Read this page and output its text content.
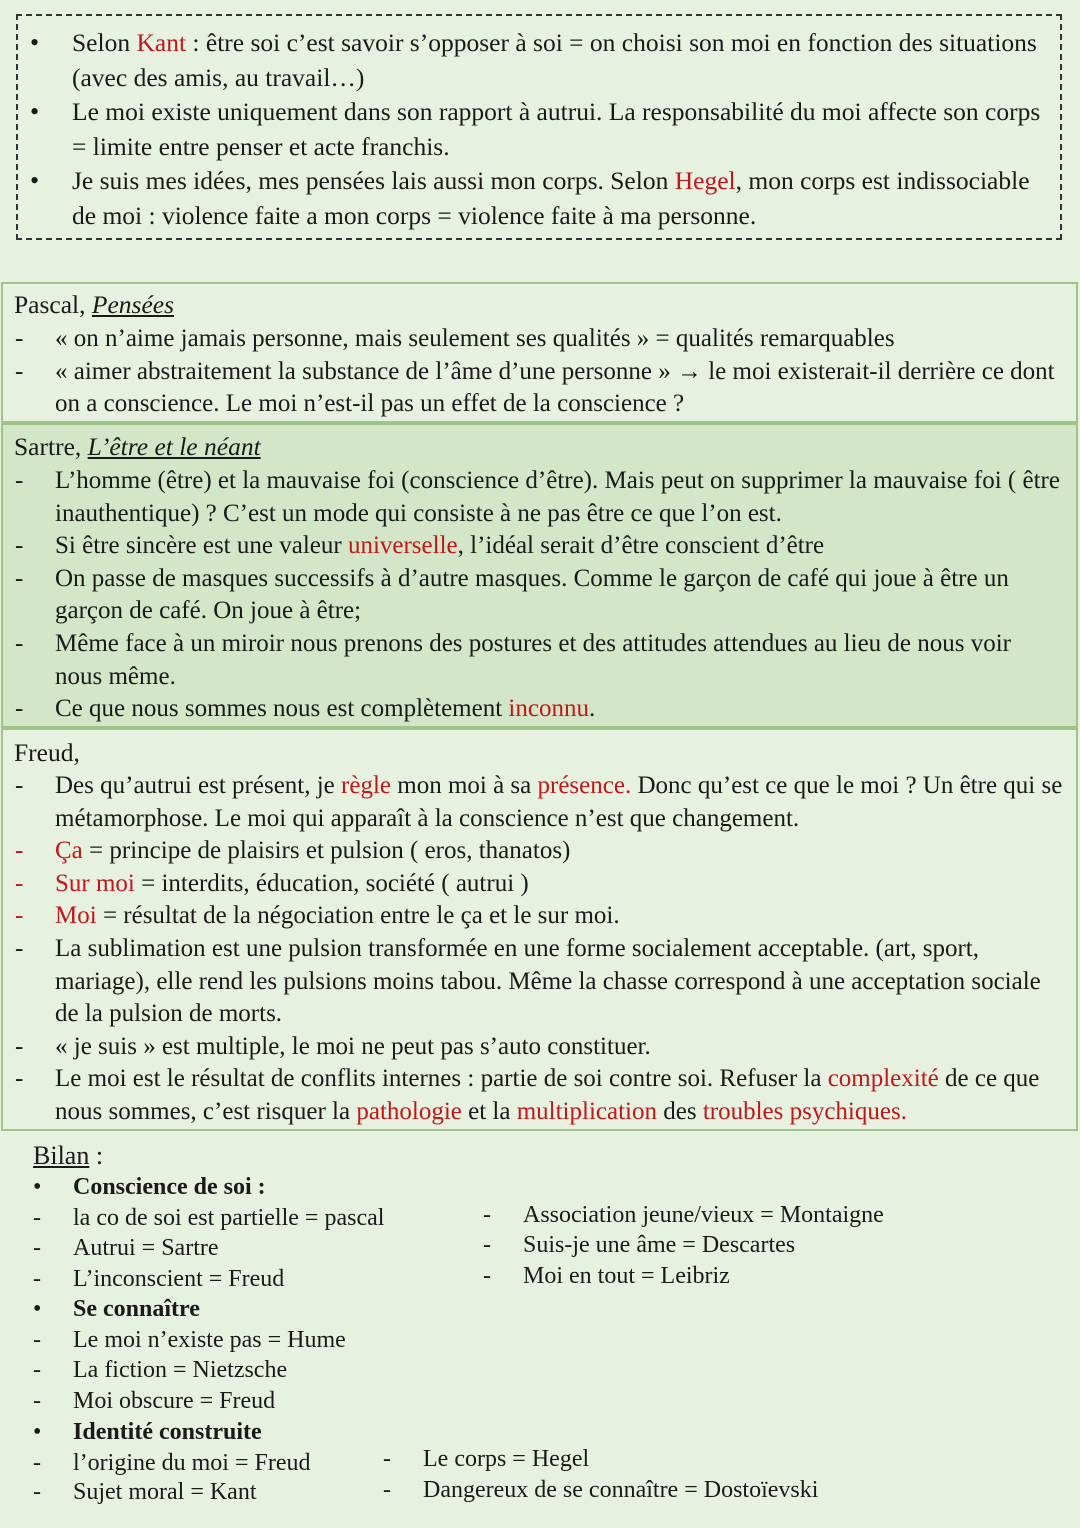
• Selon Kant : être soi c’est savoir s’opposer à soi = on choisi son moi en fonction des situations (avec des amis, au travail…)
• Le moi existe uniquement dans son rapport à autrui. La responsabilité du moi affecte son corps = limite entre penser et acte franchis.
• Je suis mes idées, mes pensées lais aussi mon corps. Selon Hegel, mon corps est indissociable de moi : violence faite a mon corps = violence faite à ma personne.
Pascal, Pensées
- « on n’aime jamais personne, mais seulement ses qualités » = qualités remarquables
- « aimer abstraitement la substance de l’âme d’une personne » → le moi existerait-il derrière ce dont on a conscience. Le moi n’est-il pas un effet de la conscience ?
Sartre, L’être et le néant
- L’homme (être) et la mauvaise foi (conscience d’être). Mais peut on supprimer la mauvaise foi ( être inauthentique) ? C’est un mode qui consiste à ne pas être ce que l’on est.
- Si être sincère est une valeur universelle, l’idéal serait d’être conscient d’être
- On passe de masques successifs à d’autre masques. Comme le garçon de café qui joue à être un garçon de café. On joue à être;
- Même face à un miroir nous prenons des postures et des attitudes attendues au lieu de nous voir nous même.
- Ce que nous sommes nous est complètement inconnu.
Freud,
- Des qu’autrui est présent, je règle mon moi à sa présence. Donc qu’est ce que le moi ? Un être qui se métamorphose. Le moi qui apparaît à la conscience n’est que changement.
- Ça = principe de plaisirs et pulsion ( eros, thanatos)
- Sur moi = interdits, éducation, société ( autrui )
- Moi = résultat de la négociation entre le ça et le sur moi.
- La sublimation est une pulsion transformée en une forme socialement acceptable. (art, sport, mariage), elle rend les pulsions moins tabou. Même la chasse correspond à une acceptation sociale de la pulsion de morts.
- « je suis » est multiple, le moi ne peut pas s’auto constituer.
- Le moi est le résultat de conflits internes : partie de soi contre soi. Refuser la complexité de ce que nous sommes, c’est risquer la pathologie et la multiplication des troubles psychiques.
Bilan :
• Conscience de soi :
- la co de soi est partielle = pascal
- Autrui = Sartre
- L’inconscient = Freud
- Association jeune/vieux = Montaigne
- Suis-je une âme = Descartes
- Moi en tout = Leibriz
• Se connaître
- Le moi n’existe pas = Hume
- La fiction = Nietzsche
- Moi obscure = Freud
• Identité construite
- l’origine du moi = Freud
- Sujet moral = Kant
- Le corps = Hegel
- Dangereux de se connaître = Dostoïevski
